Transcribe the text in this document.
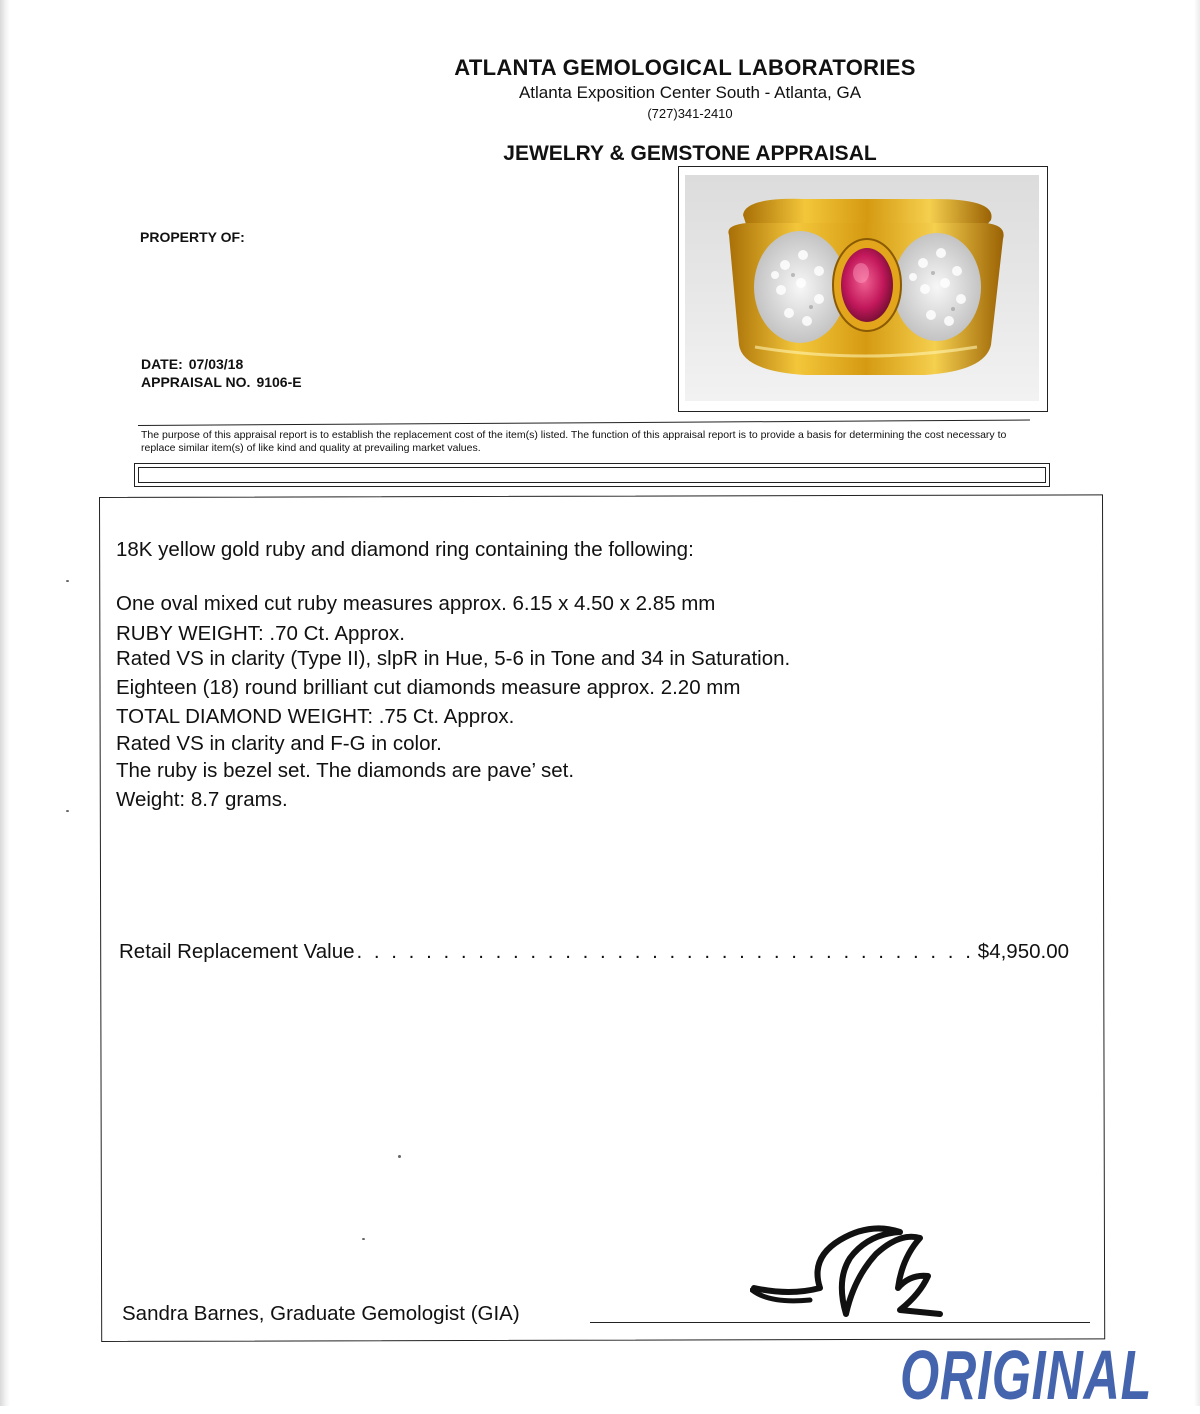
ATLANTA GEMOLOGICAL LABORATORIES
Atlanta Exposition Center South - Atlanta, GA
(727)341-2410
JEWELRY & GEMSTONE APPRAISAL
PROPERTY OF:
DATE: 07/03/18
APPRAISAL NO. 9106-E
The purpose of this appraisal report is to establish the replacement cost of the item(s) listed. The function of this appraisal report is to provide a basis for determining the cost necessary to replace similar item(s) of like kind and quality at prevailing market values.
18K yellow gold ruby and diamond ring containing the following:
One oval mixed cut ruby measures approx. 6.15 x 4.50 x 2.85 mm
RUBY WEIGHT: .70 Ct. Approx.
Rated VS in clarity (Type II), slpR in Hue, 5-6 in Tone and 34 in Saturation.
Eighteen (18) round brilliant cut diamonds measure approx. 2.20 mm
TOTAL DIAMOND WEIGHT: .75 Ct. Approx.
Rated VS in clarity and F-G in color.
The ruby is bezel set. The diamonds are pave’ set.
Weight: 8.7 grams.
Retail Replacement Value
. . .	$4,950.00
Sandra Barnes, Graduate Gemologist (GIA)
ORIGINAL
